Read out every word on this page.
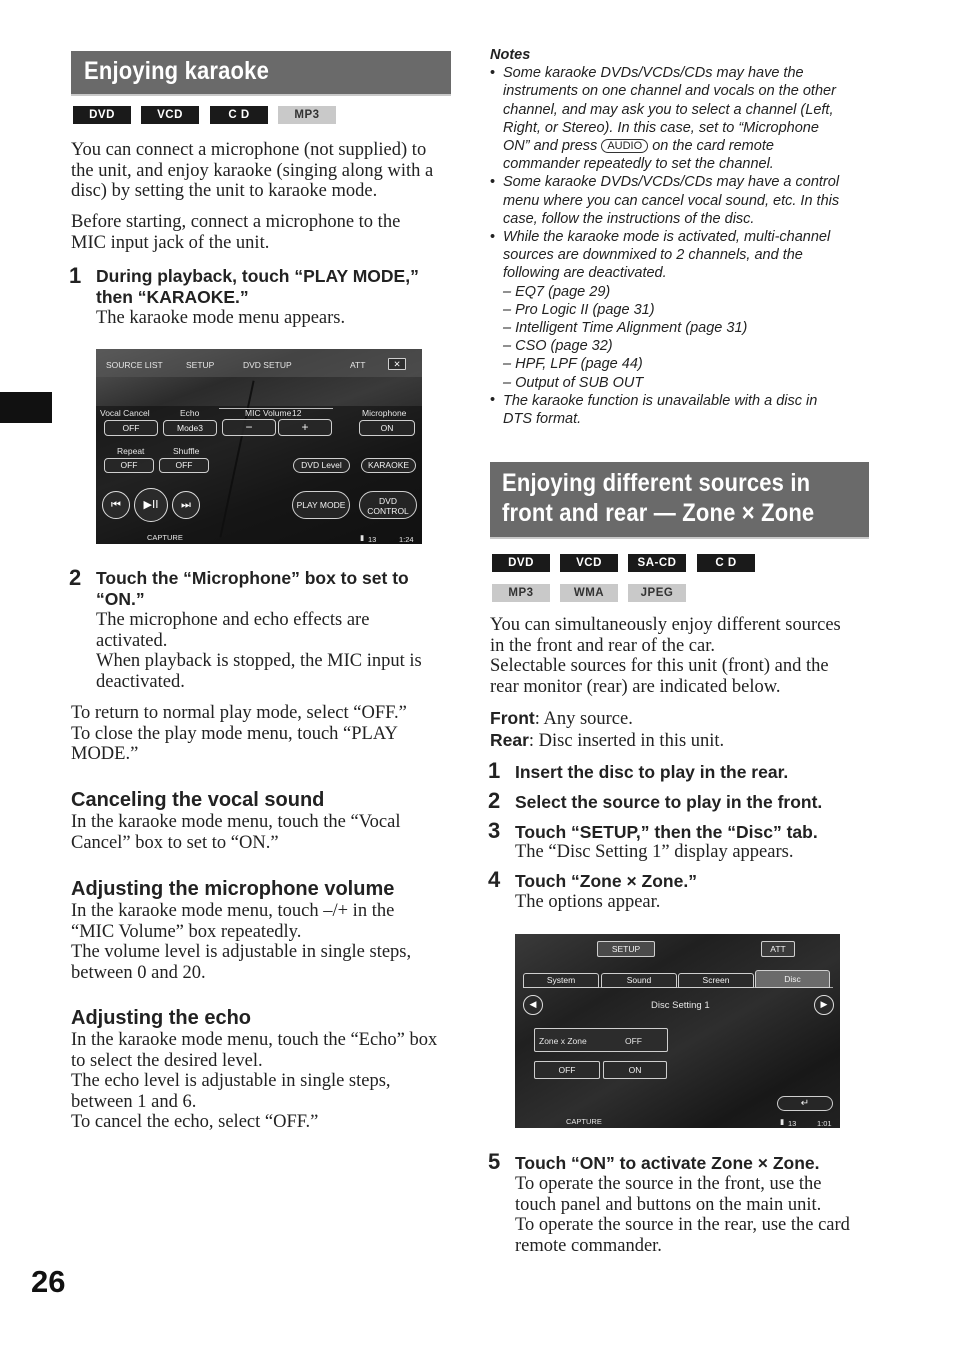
Enjoying karaoke
DVD	VCD	C D	MP3
You can connect a microphone (not supplied) to
the unit, and enjoy karaoke (singing along with a
disc) by setting the unit to karaoke mode.
Before starting, connect a microphone to the
MIC input jack of the unit.
1 During playback, touch “PLAY MODE,”
then “KARAOKE.”
The karaoke mode menu appears.
SOURCE LIST	SETUP	DVD SETUP	ATT	✕
Vocal Cancel	Echo	MIC Volume 12	Microphone
OFF	Mode3	−	+	ON
Repeat	Shuffle
OFF	OFF	DVD Level	KARAOKE
⏮	▶II	⏭	PLAY MODE	DVD
CONTROL
CAPTURE	▮ 13	1:24
2 Touch the “Microphone” box to set to
“ON.”
The microphone and echo effects are
activated.
When playback is stopped, the MIC input is
deactivated.
To return to normal play mode, select “OFF.”
To close the play mode menu, touch “PLAY
MODE.”
Canceling the vocal sound
In the karaoke mode menu, touch the “Vocal
Cancel” box to set to “ON.”
Adjusting the microphone volume
In the karaoke mode menu, touch –/+ in the
“MIC Volume” box repeatedly.
The volume level is adjustable in single steps,
between 0 and 20.
Adjusting the echo
In the karaoke mode menu, touch the “Echo” box
to select the desired level.
The echo level is adjustable in single steps,
between 1 and 6.
To cancel the echo, select “OFF.”
26
Notes
• Some karaoke DVDs/VCDs/CDs may have the
instruments on one channel and vocals on the other
channel, and may ask you to select a channel (Left,
Right, or Stereo). In this case, set to “Microphone
ON” and press AUDIO on the card remote
commander repeatedly to set the channel.
• Some karaoke DVDs/VCDs/CDs may have a control
menu where you can cancel vocal sound, etc. In this
case, follow the instructions of the disc.
• While the karaoke mode is activated, multi-channel
sources are downmixed to 2 channels, and the
following are deactivated.
– EQ7 (page 29)
– Pro Logic II (page 31)
– Intelligent Time Alignment (page 31)
– CSO (page 32)
– HPF, LPF (page 44)
– Output of SUB OUT
• The karaoke function is unavailable with a disc in
DTS format.
Enjoying different sources in
front and rear — Zone × Zone
DVD	VCD	SA-CD	C D
MP3	WMA	JPEG
You can simultaneously enjoy different sources
in the front and rear of the car.
Selectable sources for this unit (front) and the
rear monitor (rear) are indicated below.
Front: Any source.
Rear: Disc inserted in this unit.
1 Insert the disc to play in the rear.
2 Select the source to play in the front.
3 Touch “SETUP,” then the “Disc” tab.
The “Disc Setting 1” display appears.
4 Touch “Zone × Zone.”
The options appear.
SETUP	ATT
System	Sound	Screen	Disc
◀	Disc Setting 1	▶
Zone x Zone	OFF
OFF	ON
↵
CAPTURE	▮ 13	1:01
5 Touch “ON” to activate Zone × Zone.
To operate the source in the front, use the
touch panel and buttons on the main unit.
To operate the source in the rear, use the card
remote commander.
